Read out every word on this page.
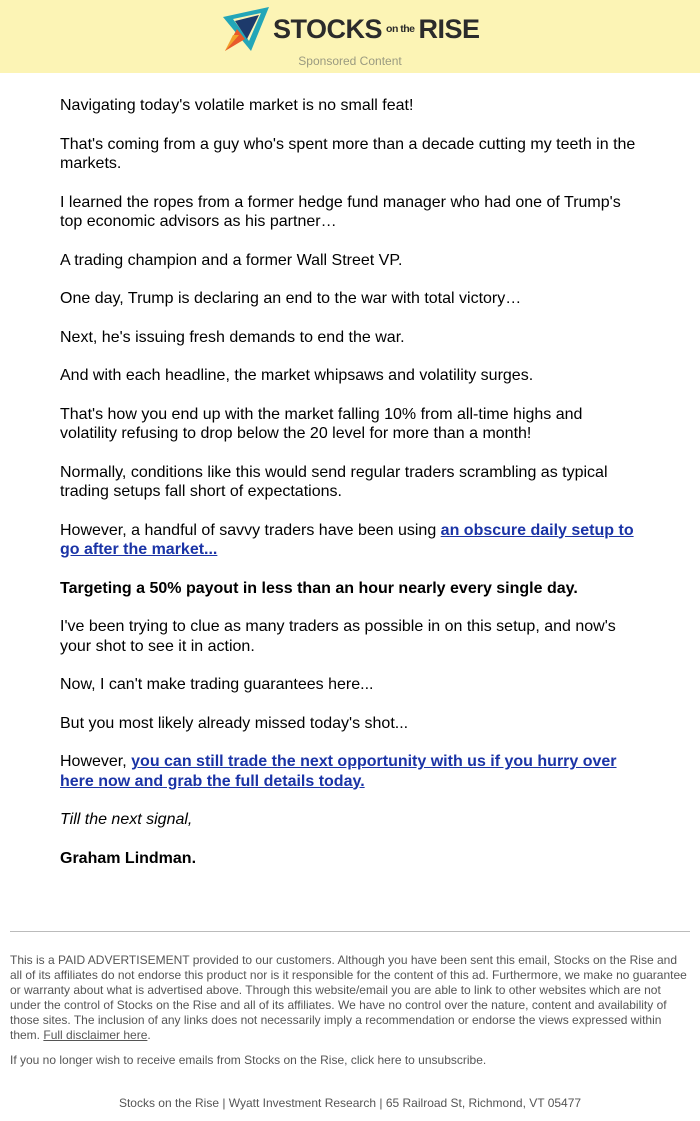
STOCKS on the RISE
Sponsored Content

Navigating today's volatile market is no small feat!

That's coming from a guy who's spent more than a decade cutting my teeth in the markets.

I learned the ropes from a former hedge fund manager who had one of Trump's top economic advisors as his partner…

A trading champion and a former Wall Street VP.

One day, Trump is declaring an end to the war with total victory…

Next, he's issuing fresh demands to end the war.

And with each headline, the market whipsaws and volatility surges.

That's how you end up with the market falling 10% from all-time highs and volatility refusing to drop below the 20 level for more than a month!

Normally, conditions like this would send regular traders scrambling as typical trading setups fall short of expectations.

However, a handful of savvy traders have been using an obscure daily setup to go after the market...

Targeting a 50% payout in less than an hour nearly every single day.

I've been trying to clue as many traders as possible in on this setup, and now's your shot to see it in action.

Now, I can't make trading guarantees here...

But you most likely already missed today's shot...

However, you can still trade the next opportunity with us if you hurry over here now and grab the full details today.

Till the next signal,

Graham Lindman.

This is a PAID ADVERTISEMENT provided to our customers. Although you have been sent this email, Stocks on the Rise and all of its affiliates do not endorse this product nor is it responsible for the content of this ad. Furthermore, we make no guarantee or warranty about what is advertised above. Through this website/email you are able to link to other websites which are not under the control of Stocks on the Rise and all of its affiliates. We have no control over the nature, content and availability of those sites. The inclusion of any links does not necessarily imply a recommendation or endorse the views expressed within them. Full disclaimer here.
If you no longer wish to receive emails from Stocks on the Rise, click here to unsubscribe.
Stocks on the Rise | Wyatt Investment Research | 65 Railroad St, Richmond, VT 05477
